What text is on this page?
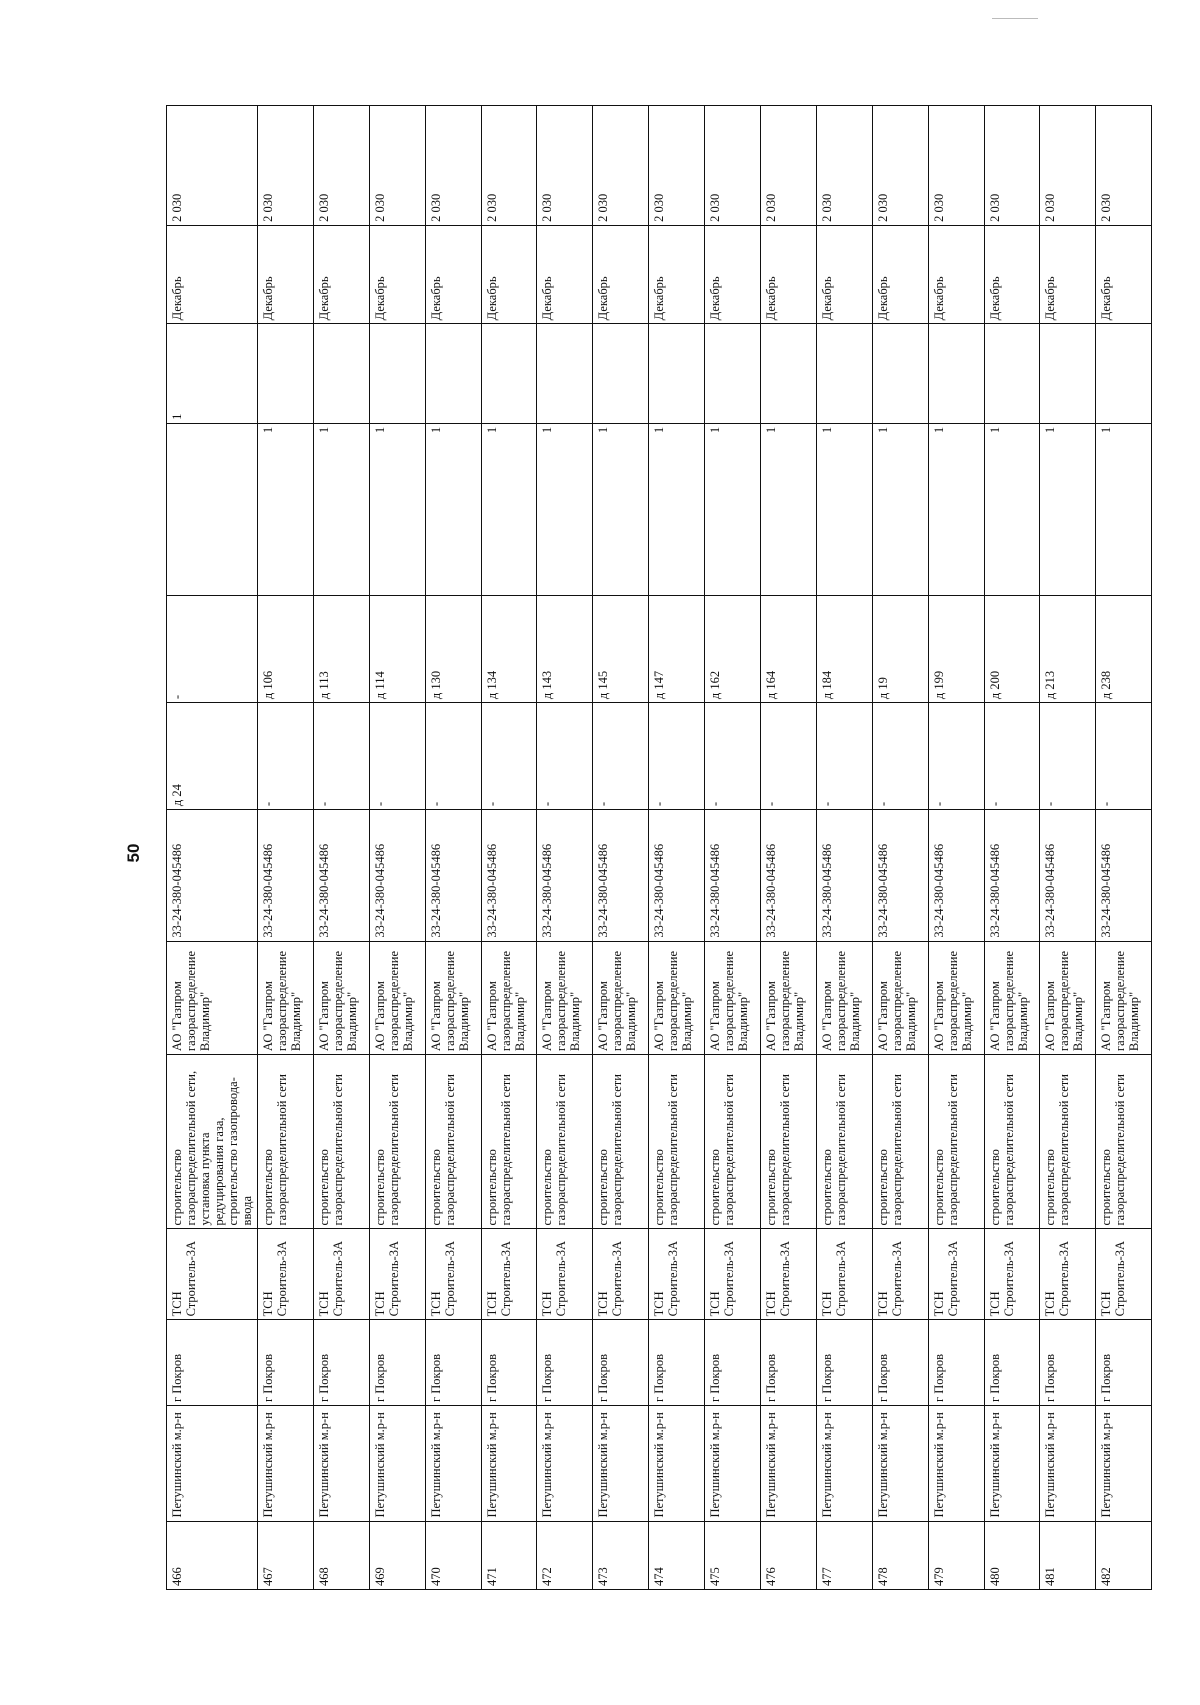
50
466	Петушинский м.р-н	г Покров	ТСН Строитель-3А	строительство газораспределительной сети, установка пункта редуцирования газа, строительство газопровода-ввода	АО "Газпром газораспределение Владимир"	33-24-380-045486	д 24	-		1	Декабрь	2 030
467	Петушинский м.р-н	г Покров	ТСН Строитель-3А	строительство газораспределительной сети	АО "Газпром газораспределение Владимир"	33-24-380-045486	-	д 106	1		Декабрь	2 030
468	Петушинский м.р-н	г Покров	ТСН Строитель-3А	строительство газораспределительной сети	АО "Газпром газораспределение Владимир"	33-24-380-045486	-	д 113	1		Декабрь	2 030
469	Петушинский м.р-н	г Покров	ТСН Строитель-3А	строительство газораспределительной сети	АО "Газпром газораспределение Владимир"	33-24-380-045486	-	д 114	1		Декабрь	2 030
470	Петушинский м.р-н	г Покров	ТСН Строитель-3А	строительство газораспределительной сети	АО "Газпром газораспределение Владимир"	33-24-380-045486	-	д 130	1		Декабрь	2 030
471	Петушинский м.р-н	г Покров	ТСН Строитель-3А	строительство газораспределительной сети	АО "Газпром газораспределение Владимир"	33-24-380-045486	-	д 134	1		Декабрь	2 030
472	Петушинский м.р-н	г Покров	ТСН Строитель-3А	строительство газораспределительной сети	АО "Газпром газораспределение Владимир"	33-24-380-045486	-	д 143	1		Декабрь	2 030
473	Петушинский м.р-н	г Покров	ТСН Строитель-3А	строительство газораспределительной сети	АО "Газпром газораспределение Владимир"	33-24-380-045486	-	д 145	1		Декабрь	2 030
474	Петушинский м.р-н	г Покров	ТСН Строитель-3А	строительство газораспределительной сети	АО "Газпром газораспределение Владимир"	33-24-380-045486	-	д 147	1		Декабрь	2 030
475	Петушинский м.р-н	г Покров	ТСН Строитель-3А	строительство газораспределительной сети	АО "Газпром газораспределение Владимир"	33-24-380-045486	-	д 162	1		Декабрь	2 030
476	Петушинский м.р-н	г Покров	ТСН Строитель-3А	строительство газораспределительной сети	АО "Газпром газораспределение Владимир"	33-24-380-045486	-	д 164	1		Декабрь	2 030
477	Петушинский м.р-н	г Покров	ТСН Строитель-3А	строительство газораспределительной сети	АО "Газпром газораспределение Владимир"	33-24-380-045486	-	д 184	1		Декабрь	2 030
478	Петушинский м.р-н	г Покров	ТСН Строитель-3А	строительство газораспределительной сети	АО "Газпром газораспределение Владимир"	33-24-380-045486	-	д 19	1		Декабрь	2 030
479	Петушинский м.р-н	г Покров	ТСН Строитель-3А	строительство газораспределительной сети	АО "Газпром газораспределение Владимир"	33-24-380-045486	-	д 199	1		Декабрь	2 030
480	Петушинский м.р-н	г Покров	ТСН Строитель-3А	строительство газораспределительной сети	АО "Газпром газораспределение Владимир"	33-24-380-045486	-	д 200	1		Декабрь	2 030
481	Петушинский м.р-н	г Покров	ТСН Строитель-3А	строительство газораспределительной сети	АО "Газпром газораспределение Владимир"	33-24-380-045486	-	д 213	1		Декабрь	2 030
482	Петушинский м.р-н	г Покров	ТСН Строитель-3А	строительство газораспределительной сети	АО "Газпром газораспределение Владимир"	33-24-380-045486	-	д 238	1		Декабрь	2 030
